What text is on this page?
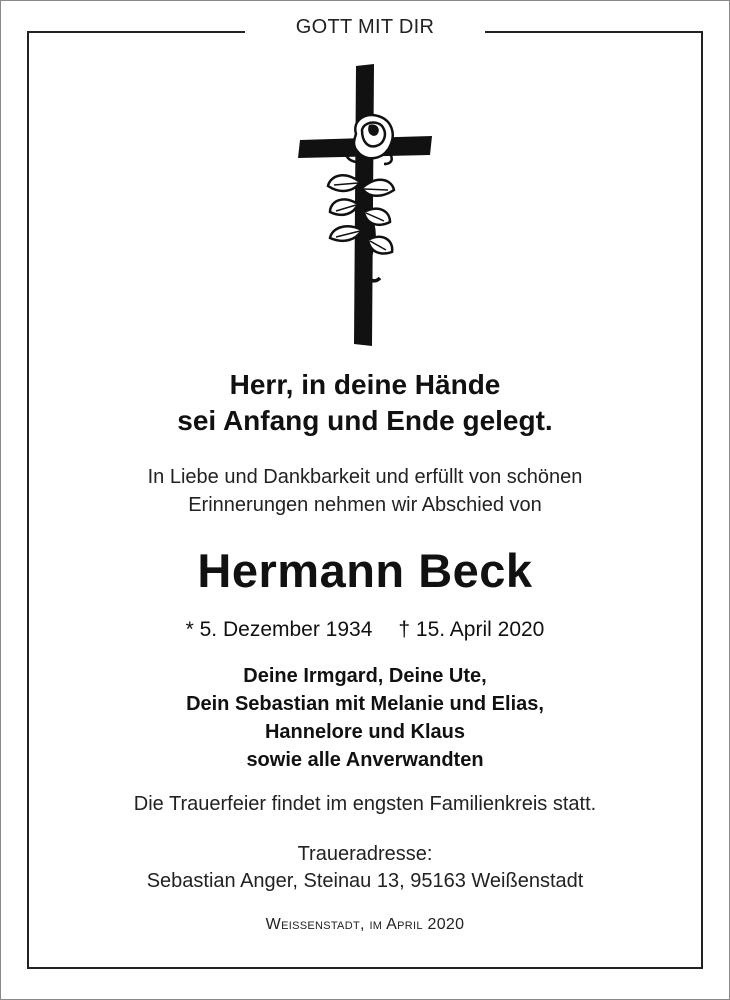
GOTT MIT DIR
Herr, in deine Hände
sei Anfang und Ende gelegt.
In Liebe und Dankbarkeit und erfüllt von schönen
Erinnerungen nehmen wir Abschied von
Hermann Beck
* 5. Dezember 1934 † 15. April 2020
Deine Irmgard, Deine Ute,
Dein Sebastian mit Melanie und Elias,
Hannelore und Klaus
sowie alle Anverwandten
Die Trauerfeier findet im engsten Familienkreis statt.
Traueradresse:
Sebastian Anger, Steinau 13, 95163 Weißenstadt
Weissenstadt, im April 2020
